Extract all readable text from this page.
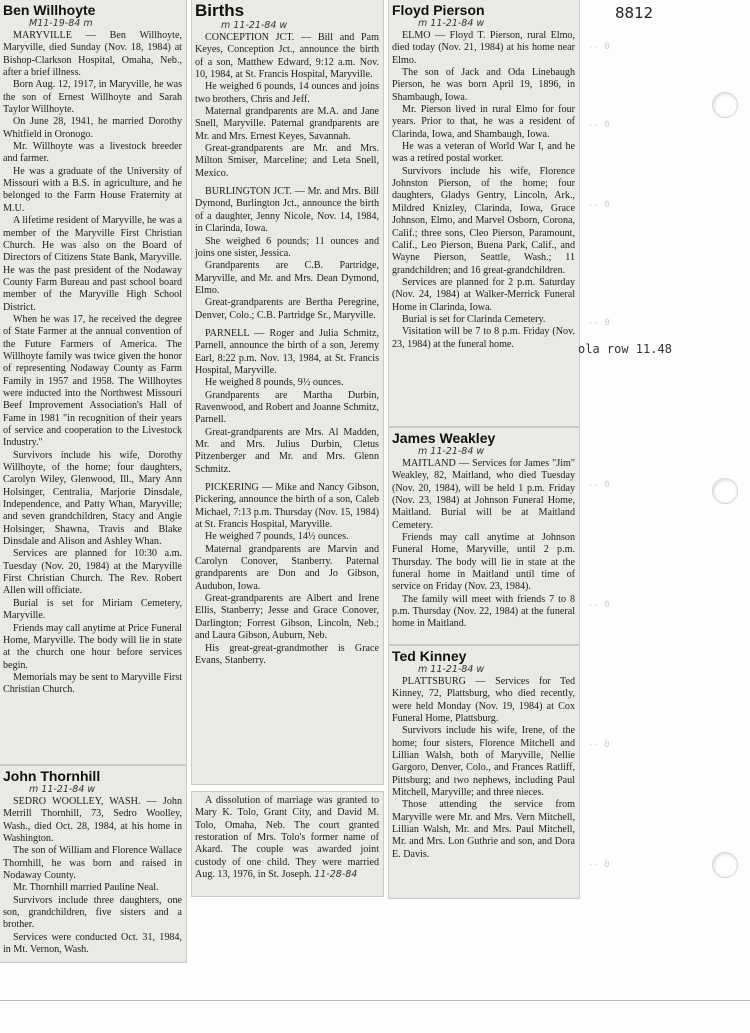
Ben Willhoyte
M11-19-84 m

MARYVILLE — Ben Willhoyte, Maryville, died Sunday (Nov. 18, 1984) at Bishop-Clarkson Hospital, Omaha, Neb., after a brief illness.

Born Aug. 12, 1917, in Maryville, he was the son of Ernest Willhoyte and Sarah Taylor Willhoyte.

On June 28, 1941, he married Dorothy Whitfield in Oronogo.

Mr. Willhoyte was a livestock breeder and farmer.

He was a graduate of the University of Missouri with a B.S. in agriculture, and he belonged to the Farm House Fraternity at M.U.

A lifetime resident of Maryville, he was a member of the Maryville First Christian Church. He was also on the Board of Directors of Citizens State Bank, Maryville. He was the past president of the Nodaway County Farm Bureau and past school board member of the Maryville High School District.

When he was 17, he received the degree of State Farmer at the annual convention of the Future Farmers of America. The Willhoyte family was twice given the honor of representing Nodaway County as Farm Family in 1957 and 1958. The Willhoytes were inducted into the Northwest Missouri Beef Improvement Association's Hall of Fame in 1981 "in recognition of their years of service and cooperation to the Livestock Industry."

Survivors include his wife, Dorothy Willhoyte, of the home; four daughters, Carolyn Wiley, Glenwood, Ill., Mary Ann Holsinger, Centralia, Marjorie Dinsdale, Independence, and Patty Whan, Maryville; and seven grandchildren, Stacy and Angie Holsinger, Shawna, Travis and Blake Dinsdale and Alison and Ashley Whan.

Services are planned for 10:30 a.m. Tuesday (Nov. 20, 1984) at the Maryville First Christian Church. The Rev. Robert Allen will officiate.

Burial is set for Miriam Cemetery, Maryville.

Friends may call anytime at Price Funeral Home, Maryville. The body will lie in state at the church one hour before services begin.

Memorials may be sent to Maryville First Christian Church.

John Thornhill
m 11-21-84 w

SEDRO WOOLLEY, WASH. — John Merrill Thornhill, 73, Sedro Woolley, Wash., died Oct. 28, 1984, at his home in Washington.

The son of William and Florence Wallace Thornhill, he was born and raised in Nodaway County.

Mr. Thornhill married Pauline Neal.

Survivors include three daughters, one son, grandchildren, five sisters and a brother.

Services were conducted Oct. 31, 1984, in Mt. Vernon, Wash.

Births
m 11-21-84 w

CONCEPTION JCT. — Bill and Pam Keyes, Conception Jct., announce the birth of a son, Matthew Edward, 9:12 a.m. Nov. 10, 1984, at St. Francis Hospital, Maryville.

He weighed 6 pounds, 14 ounces and joins two brothers, Chris and Jeff.

Maternal grandparents are M.A. and Jane Snell, Maryville. Paternal grandparents are Mr. and Mrs. Ernest Keyes, Savannah.

Great-grandparents are Mr. and Mrs. Milton Smiser, Marceline; and Leta Snell, Mexico.

BURLINGTON JCT. — Mr. and Mrs. Bill Dymond, Burlington Jct., announce the birth of a daughter, Jenny Nicole, Nov. 14, 1984, in Clarinda, Iowa.

She weighed 6 pounds; 11 ounces and joins one sister, Jessica.

Grandparents are C.B. Partridge, Maryville, and Mr. and Mrs. Dean Dymond, Elmo.

Great-grandparents are Bertha Peregrine, Denver, Colo.; C.B. Partridge Sr., Maryville.

PARNELL — Roger and Julia Schmitz, Parnell, announce the birth of a son, Jeremy Earl, 8:22 p.m. Nov. 13, 1984, at St. Francis Hospital, Maryville.

He weighed 8 pounds, 9½ ounces.

Grandparents are Martha Durbin, Ravenwood, and Robert and Joanne Schmitz, Parnell.

Great-grandparents are Mrs. Al Madden, Mr. and Mrs. Julius Durbin, Cletus Pitzenberger and Mr. and Mrs. Glenn Schmitz.

PICKERING — Mike and Nancy Gibson, Pickering, announce the birth of a son, Caleb Michael, 7:13 p.m. Thursday (Nov. 15, 1984) at St. Francis Hospital, Maryville.

He weighed 7 pounds, 14½ ounces.

Maternal grandparents are Marvin and Carolyn Conover, Stanberry. Paternal grandparents are Don and Jo Gibson, Audubon, Iowa.

Great-grandparents are Albert and Irene Ellis, Stanberry; Jesse and Grace Conover, Darlington; Forrest Gibson, Lincoln, Neb.; and Laura Gibson, Auburn, Neb.

His great-great-grandmother is Grace Evans, Stanberry.

A dissolution of marriage was granted to Mary K. Tolo, Grant City, and David M. Tolo, Omaha, Neb. The court granted restoration of Mrs. Tolo's former name of Akard. The couple was awarded joint custody of one child. They were married Aug. 13, 1976, in St. Joseph. 11-28-84

Floyd Pierson
m 11-21-84 w

ELMO — Floyd T. Pierson, rural Elmo, died today (Nov. 21, 1984) at his home near Elmo.

The son of Jack and Oda Linebaugh Pierson, he was born April 19, 1896, in Shambaugh, Iowa.

Mr. Pierson lived in rural Elmo for four years. Prior to that, he was a resident of Clarinda, Iowa, and Shambaugh, Iowa.

He was a veteran of World War I, and he was a retired postal worker.

Survivors include his wife, Florence Johnston Pierson, of the home; four daughters, Gladys Gentry, Lincoln, Ark., Mildred Knizley, Clarinda, Iowa, Grace Johnson, Elmo, and Marvel Osborn, Corona, Calif.; three sons, Cleo Pierson, Paramount, Calif., Leo Pierson, Buena Park, Calif., and Wayne Pierson, Seattle, Wash.; 11 grandchildren; and 16 great-grandchildren.

Services are planned for 2 p.m. Saturday (Nov. 24, 1984) at Walker-Merrick Funeral Home in Clarinda, Iowa.

Burial is set for Clarinda Cemetery.

Visitation will be 7 to 8 p.m. Friday (Nov. 23, 1984) at the funeral home.

James Weakley
m 11-21-84 w

MAITLAND — Services for James "Jim" Weakley, 82, Maitland, who died Tuesday (Nov. 20, 1984), will be held 1 p.m. Friday (Nov. 23, 1984) at Johnson Funeral Home, Maitland. Burial will be at Maitland Cemetery.

Friends may call anytime at Johnson Funeral Home, Maryville, until 2 p.m. Thursday. The body will lie in state at the funeral home in Maitland until time of service on Friday (Nov. 23, 1984).

The family will meet with friends 7 to 8 p.m. Thursday (Nov. 22, 1984) at the funeral home in Maitland.

Ted Kinney
m 11-21-84 w

PLATTSBURG — Services for Ted Kinney, 72, Plattsburg, who died recently, were held Monday (Nov. 19, 1984) at Cox Funeral Home, Plattsburg.

Survivors include his wife, Irene, of the home; four sisters, Florence Mitchell and Lillian Walsh, both of Maryville, Nellie Gargoro, Denver, Colo., and Frances Ratliff, Pittsburg; and two nephews, including Paul Mitchell, Maryville; and three nieces.

Those attending the service from Maryville were Mr. and Mrs. Vern Mitchell, Lillian Walsh, Mr. and Mrs. Paul Mitchell, Mr. and Mrs. Lon Guthrie and son, and Dora E. Davis.

-- 0
-- 0
-- 0
-- 0
-- 0
-- 0
-- 0
-- 0
8812
ola row 11.48
